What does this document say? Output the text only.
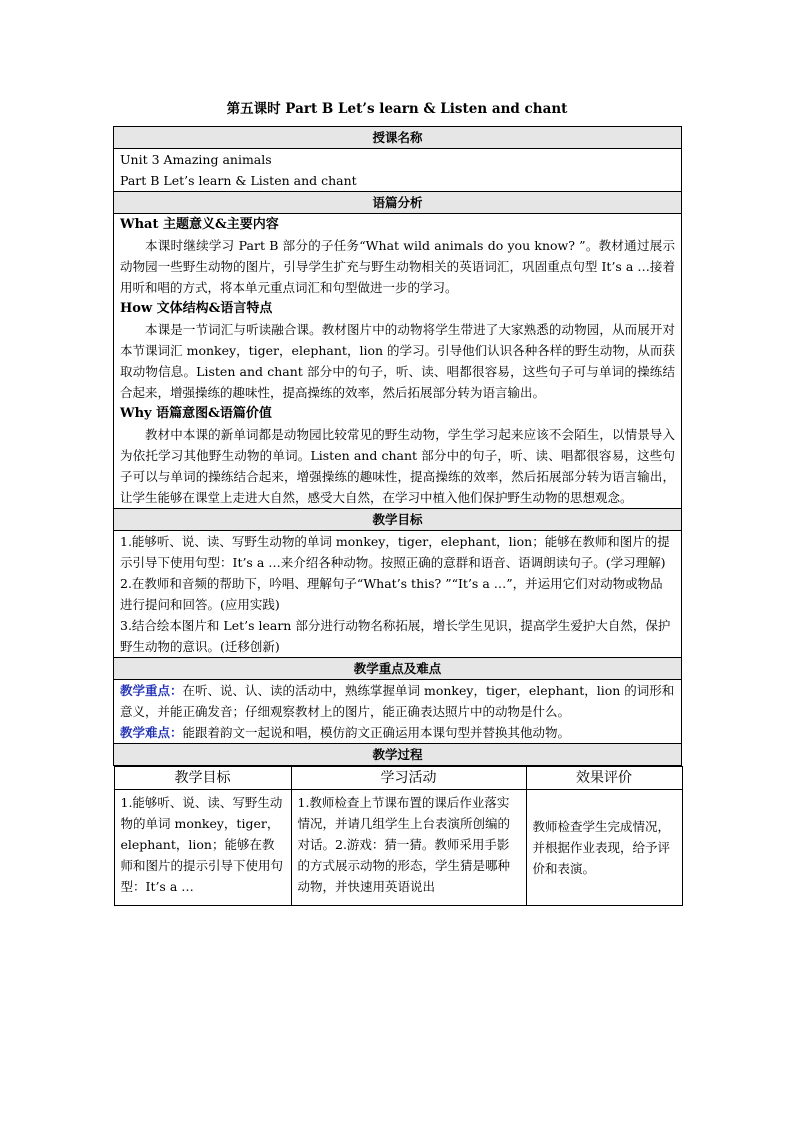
第五课时 Part B Let’s learn & Listen and chant
授课名称

Unit 3 Amazing animals
Part B Let’s learn & Listen and chant

语篇分析

What 主题意义&主要内容
本课时继续学习 Part B 部分的子任务“What wild animals do you know? ”。教材通过展示动物园一些野生动物的图片，引导学生扩充与野生动物相关的英语词汇，巩固重点句型 It’s a …接着用听和唱的方式，将本单元重点词汇和句型做进一步的学习。
How 文体结构&语言特点
本课是一节词汇与听读融合课。教材图片中的动物将学生带进了大家熟悉的动物园，从而展开对本节课词汇 monkey，tiger，elephant，lion 的学习。引导他们认识各种各样的野生动物，从而获取动物信息。Listen and chant 部分中的句子，听、读、唱都很容易，这些句子可与单词的操练结合起来，增强操练的趣味性，提高操练的效率，然后拓展部分转为语言输出。
Why 语篇意图&语篇价值
教材中本课的新单词都是动物园比较常见的野生动物，学生学习起来应该不会陌生，以情景导入为依托学习其他野生动物的单词。Listen and chant 部分中的句子，听、读、唱都很容易，这些句子可以与单词的操练结合起来，增强操练的趣味性，提高操练的效率，然后拓展部分转为语言输出，让学生能够在课堂上走进大自然，感受大自然，在学习中植入他们保护野生动物的思想观念。

教学目标

1.能够听、说、读、写野生动物的单词 monkey，tiger，elephant，lion；能够在教师和图片的提示引导下使用句型：It’s a …来介绍各种动物。按照正确的意群和语音、语调朗读句子。(学习理解)
2.在教师和音频的帮助下，吟唱、理解句子“What’s this? ”“It’s a …”，并运用它们对动物或物品进行提问和回答。(应用实践)
3.结合绘本图片和 Let’s learn 部分进行动物名称拓展，增长学生见识，提高学生爱护大自然，保护野生动物的意识。(迁移创新)

教学重点及难点

教学重点：在听、说、认、读的活动中，熟练掌握单词 monkey，tiger，elephant，lion 的词形和意义，并能正确发音；仔细观察教材上的图片，能正确表达照片中的动物是什么。
教学难点：能跟着韵文一起说和唱，模仿韵文正确运用本课句型并替换其他动物。

教学过程

教学目标	学习活动	效果评价
1.能够听、说、读、写野生动物的单词 monkey，tiger，elephant，lion；能够在教师和图片的提示引导下使用句型：It’s a …	1.教师检查上节课布置的课后作业落实情况，并请几组学生上台表演所创编的对话。2.游戏：猜一猜。教师采用手影的方式展示动物的形态，学生猜是哪种动物，并快速用英语说出	教师检查学生完成情况，并根据作业表现，给予评价和表演。
